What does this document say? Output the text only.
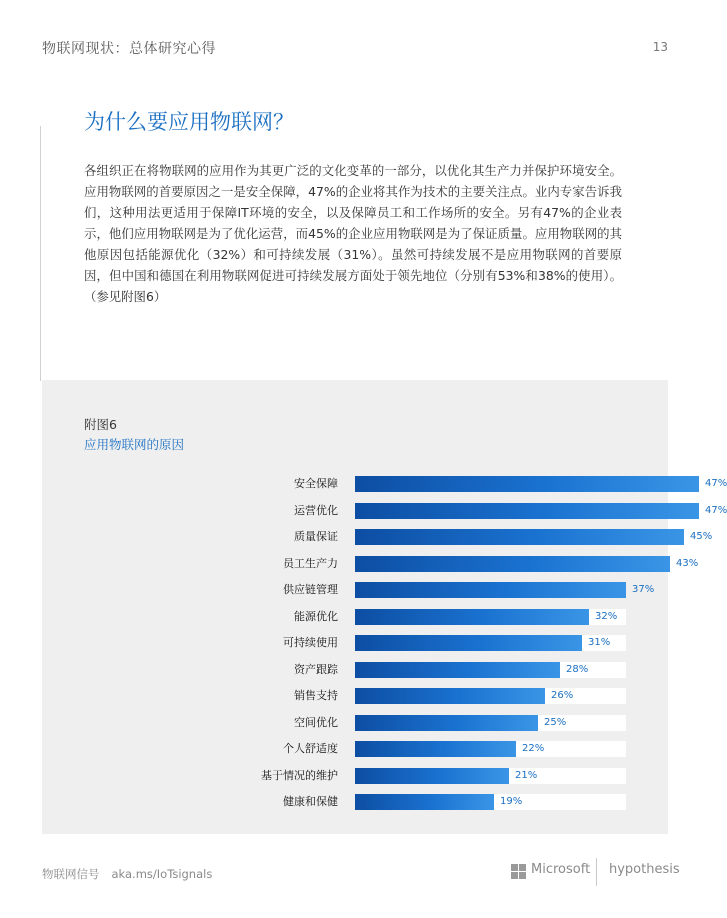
物联网现状：总体研究心得	13
为什么要应用物联网？
各组织正在将物联网的应用作为其更广泛的文化变革的一部分，以优化其生产力并保护环境安全。应用物联网的首要原因之一是安全保障，47%的企业将其作为技术的主要关注点。业内专家告诉我们，这种用法更适用于保障IT环境的安全，以及保障员工和工作场所的安全。另有47%的企业表示，他们应用物联网是为了优化运营，而45%的企业应用物联网是为了保证质量。应用物联网的其他原因包括能源优化（32%）和可持续发展（31%）。虽然可持续发展不是应用物联网的首要原因，但中国和德国在利用物联网促进可持续发展方面处于领先地位（分别有53%和38%的使用）。（参见附图6）
附图6
应用物联网的原因
安全保障	47%
运营优化	47%
质量保证	45%
员工生产力	43%
供应链管理	37%
能源优化	32%
可持续使用	31%
资产跟踪	28%
销售支持	26%
空间优化	25%
个人舒适度	22%
基于情况的维护	21%
健康和保健	19%
物联网信号 aka.ms/IoTsignals	Microsoft hypothesis
